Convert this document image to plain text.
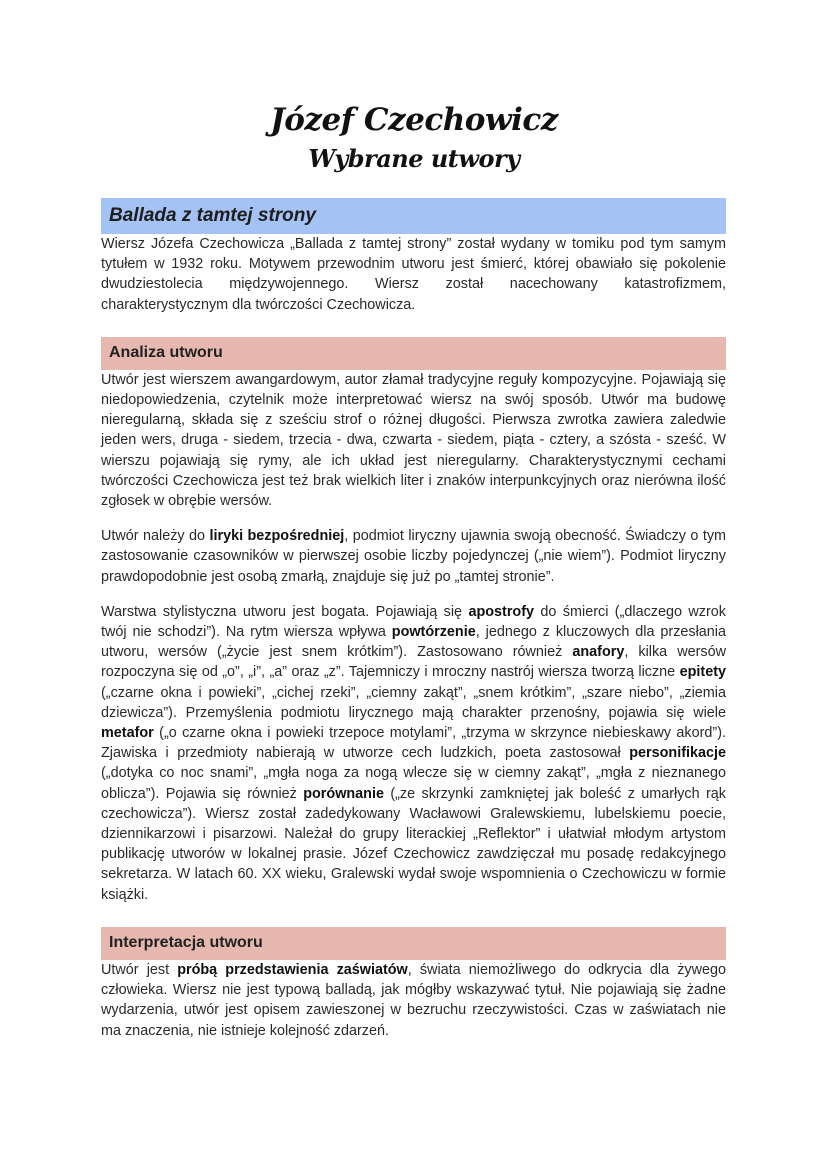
Józef Czechowicz
Wybrane utwory
Ballada z tamtej strony

Wiersz Józefa Czechowicza „Ballada z tamtej strony” został wydany w tomiku pod tym samym tytułem w 1932 roku. Motywem przewodnim utworu jest śmierć, której obawiało się pokolenie dwudziestolecia międzywojennego. Wiersz został nacechowany katastrofizmem, charakterystycznym dla twórczości Czechowicza.

Analiza utworu

Utwór jest wierszem awangardowym, autor złamał tradycyjne reguły kompozycyjne. Pojawiają się niedopowiedzenia, czytelnik może interpretować wiersz na swój sposób. Utwór ma budowę nieregularną, składa się z sześciu strof o różnej długości. Pierwsza zwrotka zawiera zaledwie jeden wers, druga - siedem, trzecia - dwa, czwarta - siedem, piąta - cztery, a szósta - sześć. W wierszu pojawiają się rymy, ale ich układ jest nieregularny. Charakterystycznymi cechami twórczości Czechowicza jest też brak wielkich liter i znaków interpunkcyjnych oraz nierówna ilość zgłosek w obrębie wersów.

Utwór należy do liryki bezpośredniej, podmiot liryczny ujawnia swoją obecność. Świadczy o tym zastosowanie czasowników w pierwszej osobie liczby pojedynczej („nie wiem”). Podmiot liryczny prawdopodobnie jest osobą zmarłą, znajduje się już po „tamtej stronie”.

Warstwa stylistyczna utworu jest bogata. Pojawiają się apostrofy do śmierci („dlaczego wzrok twój nie schodzi”). Na rytm wiersza wpływa powtórzenie, jednego z kluczowych dla przesłania utworu, wersów („życie jest snem krótkim”). Zastosowano również anafory, kilka wersów rozpoczyna się od „o”, „i”, „a” oraz „z”. Tajemniczy i mroczny nastrój wiersza tworzą liczne epitety („czarne okna i powieki”, „cichej rzeki”, „ciemny zakąt”, „snem krótkim”, „szare niebo”, „ziemia dziewicza”). Przemyślenia podmiotu lirycznego mają charakter przenośny, pojawia się wiele metafor („o czarne okna i powieki trzepoce motylami”, „trzyma w skrzynce niebieskawy akord”). Zjawiska i przedmioty nabierają w utworze cech ludzkich, poeta zastosował personifikacje („dotyka co noc snami”, „mgła noga za nogą wlecze się w ciemny zakąt”, „mgła z nieznanego oblicza”). Pojawia się również porównanie („ze skrzynki zamkniętej jak boleść z umarłych rąk czechowicza”). Wiersz został zadedykowany Wacławowi Gralewskiemu, lubelskiemu poecie, dziennikarzowi i pisarzowi. Należał do grupy literackiej „Reflektor” i ułatwiał młodym artystom publikację utworów w lokalnej prasie. Józef Czechowicz zawdzięczał mu posadę redakcyjnego sekretarza. W latach 60. XX wieku, Gralewski wydał swoje wspomnienia o Czechowiczu w formie książki.

Interpretacja utworu

Utwór jest próbą przedstawienia zaświatów, świata niemożliwego do odkrycia dla żywego człowieka. Wiersz nie jest typową balladą, jak mógłby wskazywać tytuł. Nie pojawiają się żadne wydarzenia, utwór jest opisem zawieszonej w bezruchu rzeczywistości. Czas w zaświatach nie ma znaczenia, nie istnieje kolejność zdarzeń.
